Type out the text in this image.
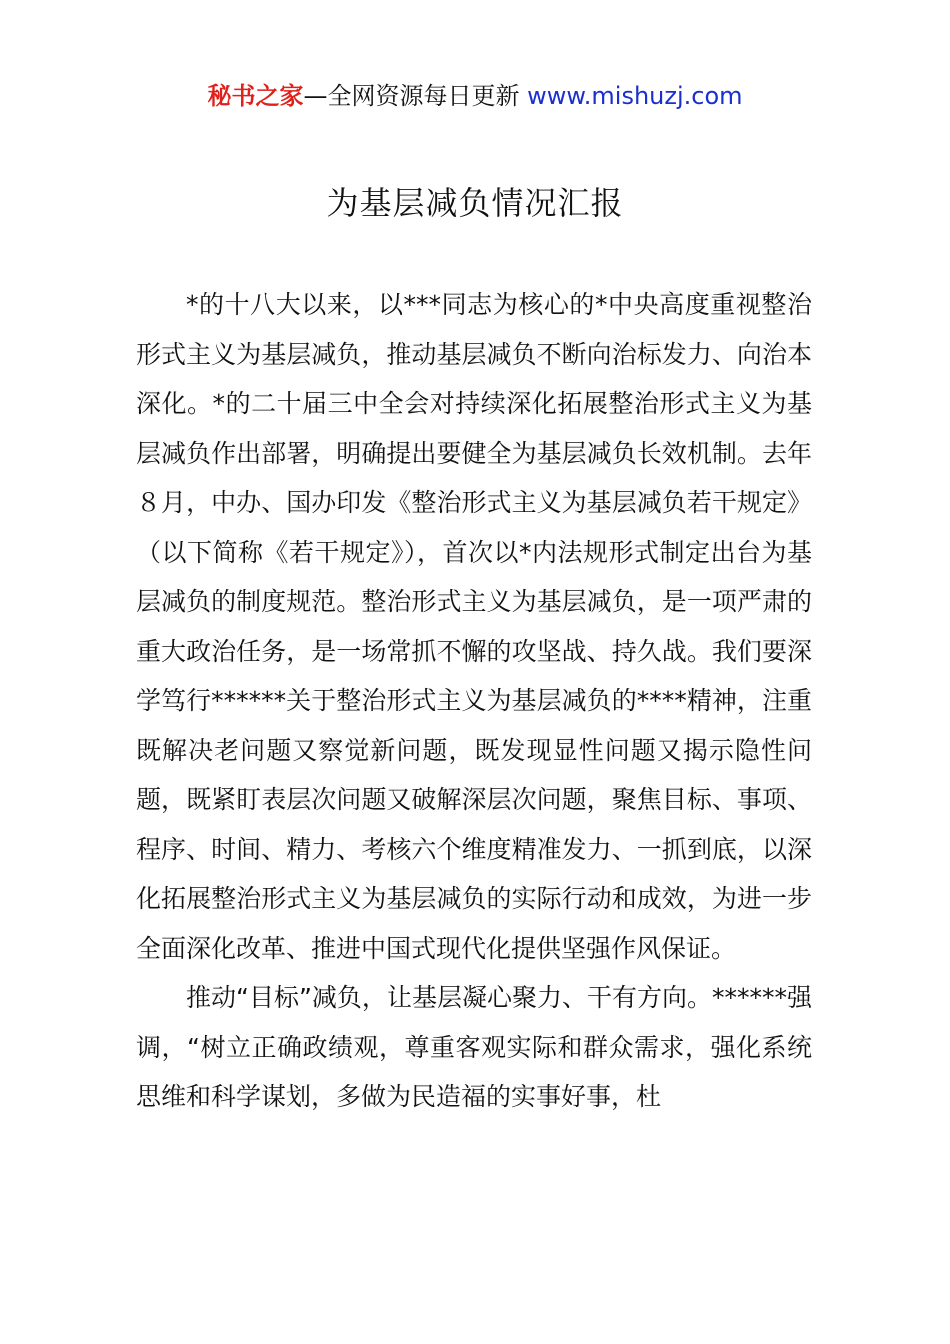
秘书之家—全网资源每日更新 www.mishuzj.com
为基层减负情况汇报

*的十八大以来，以***同志为核心的*中央高度重视整治形式主义为基层减负，推动基层减负不断向治标发力、向治本深化。*的二十届三中全会对持续深化拓展整治形式主义为基层减负作出部署，明确提出要健全为基层减负长效机制。去年８月，中办、国办印发《整治形式主义为基层减负若干规定》（以下简称《若干规定》），首次以*内法规形式制定出台为基层减负的制度规范。整治形式主义为基层减负，是一项严肃的重大政治任务，是一场常抓不懈的攻坚战、持久战。我们要深学笃行******关于整治形式主义为基层减负的****精神，注重既解决老问题又察觉新问题，既发现显性问题又揭示隐性问题，既紧盯表层次问题又破解深层次问题，聚焦目标、事项、程序、时间、精力、考核六个维度精准发力、一抓到底，以深化拓展整治形式主义为基层减负的实际行动和成效，为进一步全面深化改革、推进中国式现代化提供坚强作风保证。

推动“目标”减负，让基层凝心聚力、干有方向。******强调，“树立正确政绩观，尊重客观实际和群众需求，强化系统思维和科学谋划，多做为民造福的实事好事，杜
